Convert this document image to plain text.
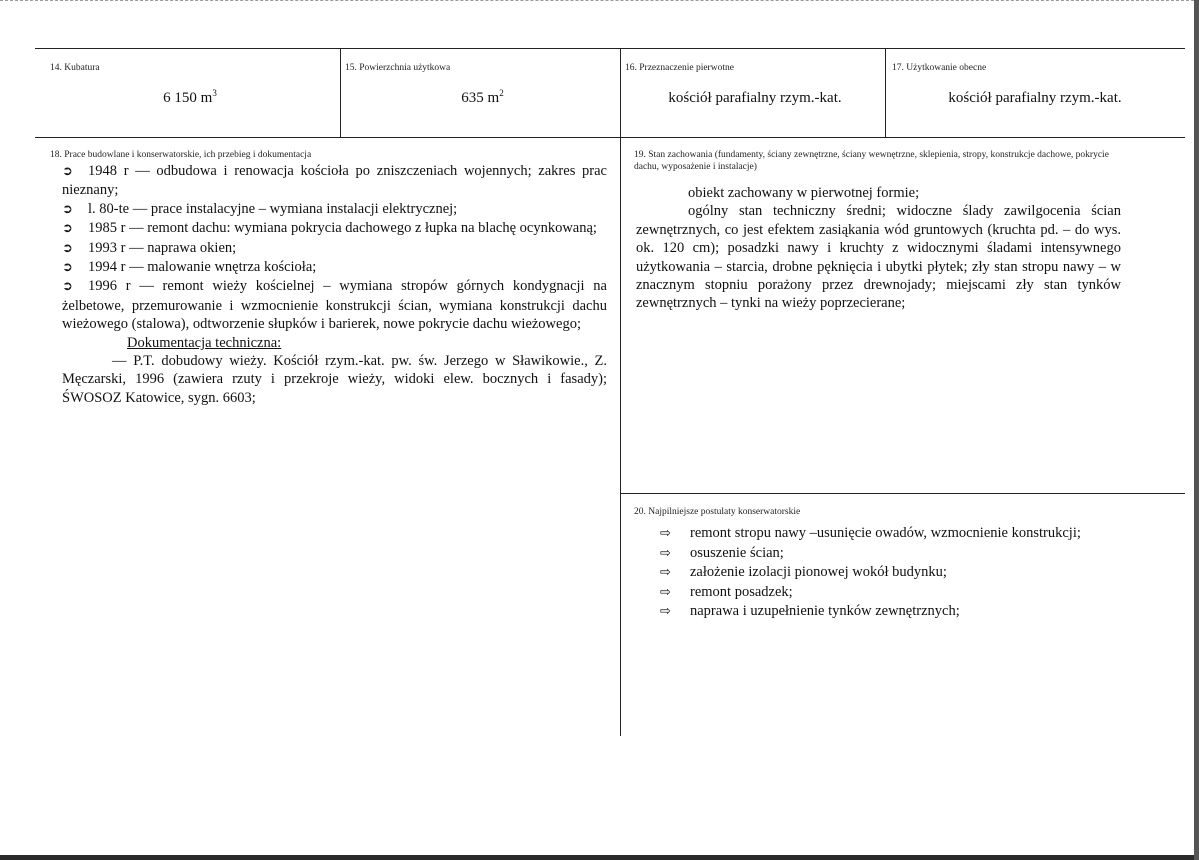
14. Kubatura
6 150 $m^3$
15. Powierzchnia użytkowa
635 $m^2$
16. Przeznaczenie pierwotne
kościół parafialny rzym.-kat.
17. Użytkowanie obecne
kościół parafialny rzym.-kat.
18. Prace budowlane i konserwatorskie, ich przebieg i dokumentacja

➲ 1948 r — odbudowa i renowacja kościoła po zniszczeniach wojennych; zakres prac nieznany;

➲ l. 80-te — prace instalacyjne – wymiana instalacji elektrycznej;

➲ 1985 r — remont dachu: wymiana pokrycia dachowego z łupka na blachę ocynkowaną;

➲ 1993 r — naprawa okien;

➲ 1994 r — malowanie wnętrza kościoła;

➲ 1996 r — remont wieży kościelnej – wymiana stropów górnych kondygnacji na żelbetowe, przemurowanie i wzmocnienie konstrukcji ścian, wymiana konstrukcji dachu wieżowego (stalowa), odtworzenie słupków i barierek, nowe pokrycie dachu wieżowego;

Dokumentacja techniczna:

— P.T. dobudowy wieży. Kościół rzym.-kat. pw. św. Jerzego w Sławikowie., Z. Męczarski, 1996 (zawiera rzuty i przekroje wieży, widoki elew. bocznych i fasady); ŚWOSOZ Katowice, sygn. 6603;

19. Stan zachowania (fundamenty, ściany zewnętrzne, ściany wewnętrzne, sklepienia, stropy, konstrukcje dachowe, pokrycie dachu, wyposażenie i instalacje)

obiekt zachowany w pierwotnej formie;

ogólny stan techniczny średni; widoczne ślady zawilgocenia ścian zewnętrznych, co jest efektem zasiąkania wód gruntowych (kruchta pd. – do wys. ok. 120 cm); posadzki nawy i kruchty z widocznymi śladami intensywnego użytkowania – starcia, drobne pęknięcia i ubytki płytek; zły stan stropu nawy – w znacznym stopniu porażony przez drewnojady; miejscami zły stan tynków zewnętrznych – tynki na wieży poprzecierane;

20. Najpilniejsze postulaty konserwatorskie
⇨ remont stropu nawy –usunięcie owadów, wzmocnienie konstrukcji;
⇨ osuszenie ścian;
⇨ założenie izolacji pionowej wokół budynku;
⇨ remont posadzek;
⇨ naprawa i uzupełnienie tynków zewnętrznych;
